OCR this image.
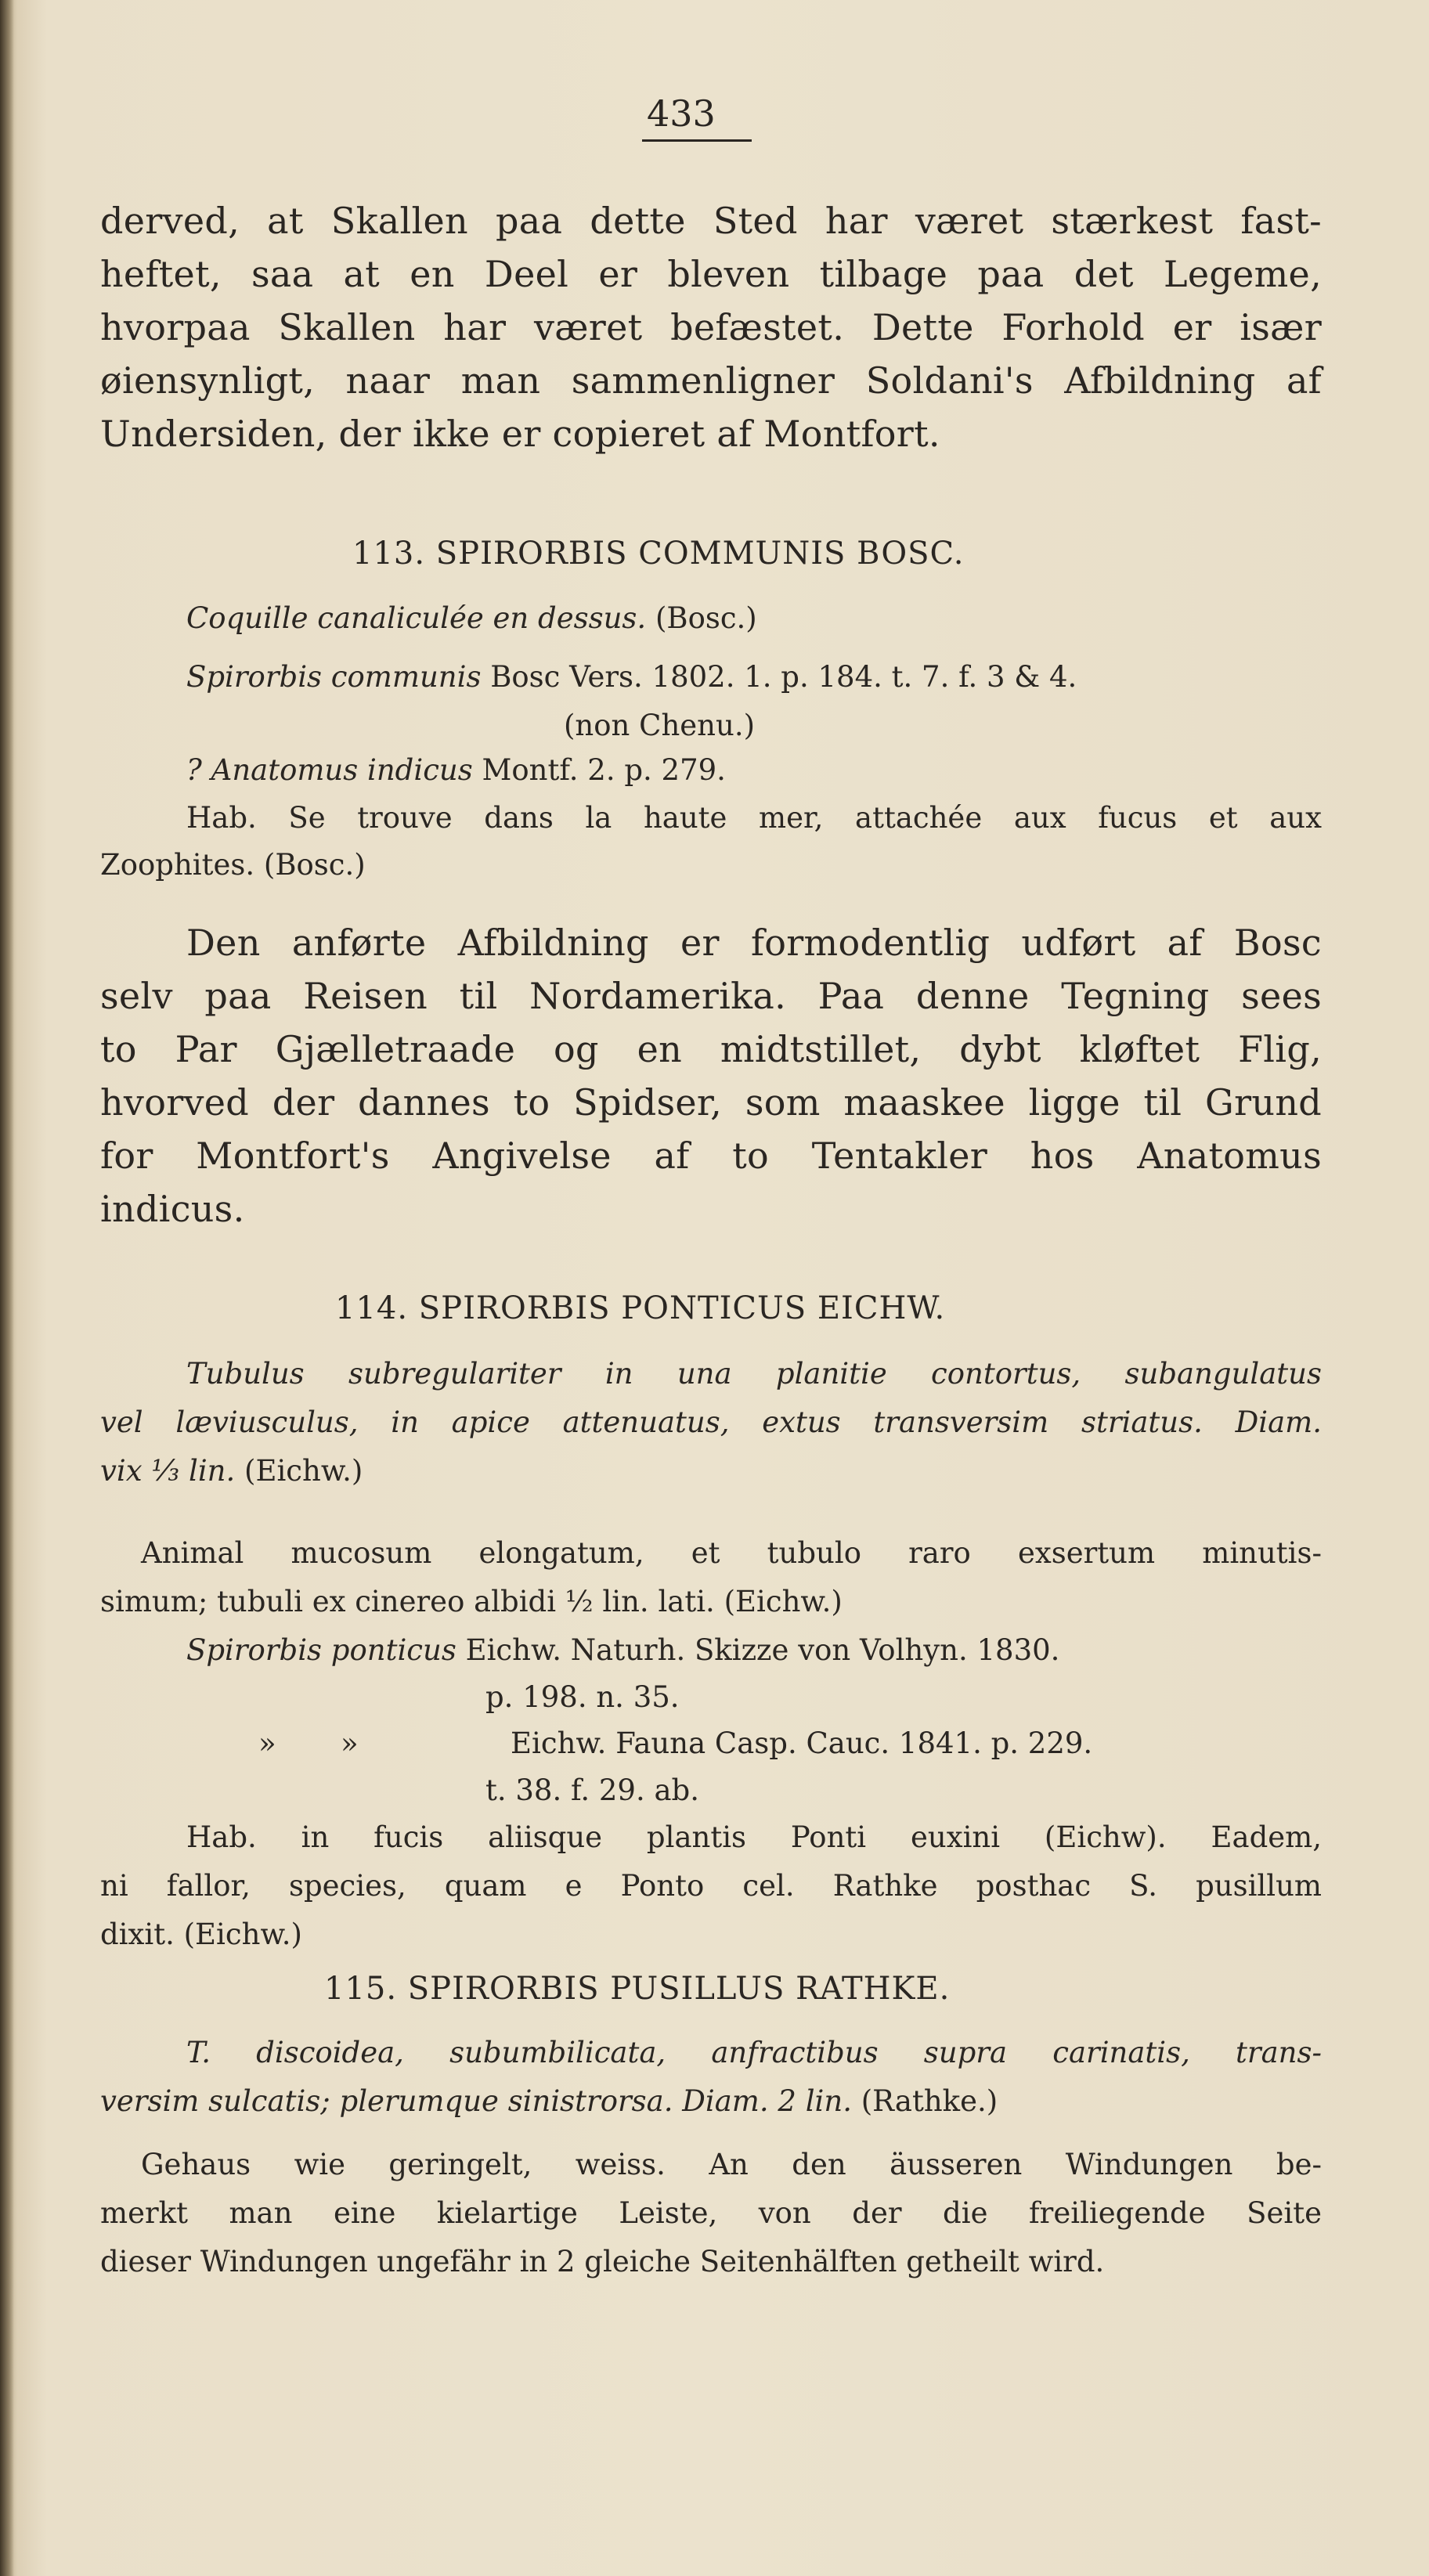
433
derved, at Skallen paa dette Sted har været stærkest fast-
heftet, saa at en Deel er bleven tilbage paa det Legeme,
hvorpaa Skallen har været befæstet. Dette Forhold er især
øiensynligt, naar man sammenligner Soldani's Afbildning af
Undersiden, der ikke er copieret af Montfort.
113. SPIRORBIS COMMUNIS BOSC.
Coquille canaliculée en dessus. (Bosc.)
Spirorbis communis Bosc Vers. 1802. 1. p. 184. t. 7. f. 3 & 4.
(non Chenu.)
? Anatomus indicus Montf. 2. p. 279.
Hab. Se trouve dans la haute mer, attachée aux fucus et aux
Zoophites. (Bosc.)
Den anførte Afbildning er formodentlig udført af Bosc
selv paa Reisen til Nordamerika. Paa denne Tegning sees
to Par Gjælletraade og en midtstillet, dybt kløftet Flig,
hvorved der dannes to Spidser, som maaskee ligge til Grund
for Montfort's Angivelse af to Tentakler hos Anatomus
indicus.
114. SPIRORBIS PONTICUS EICHW.
Tubulus subregulariter in una planitie contortus, subangulatus
vel læviusculus, in apice attenuatus, extus transversim striatus. Diam.
vix ⅓ lin. (Eichw.)
Animal mucosum elongatum, et tubulo raro exsertum minutis-
simum; tubuli ex cinereo albidi ½ lin. lati. (Eichw.)
Spirorbis ponticus Eichw. Naturh. Skizze von Volhyn. 1830.
p. 198. n. 35.
»       »	Eichw. Fauna Casp. Cauc. 1841. p. 229.
t. 38. f. 29. ab.
Hab. in fucis aliisque plantis Ponti euxini (Eichw). Eadem,
ni fallor, species, quam e Ponto cel. Rathke posthac S. pusillum
dixit. (Eichw.)
115. SPIRORBIS PUSILLUS RATHKE.
T. discoidea, subumbilicata, anfractibus supra carinatis, trans-
versim sulcatis; plerumque sinistrorsa. Diam. 2 lin. (Rathke.)
Gehaus wie geringelt, weiss. An den äusseren Windungen be-
merkt man eine kielartige Leiste, von der die freiliegende Seite
dieser Windungen ungefähr in 2 gleiche Seitenhälften getheilt wird.
